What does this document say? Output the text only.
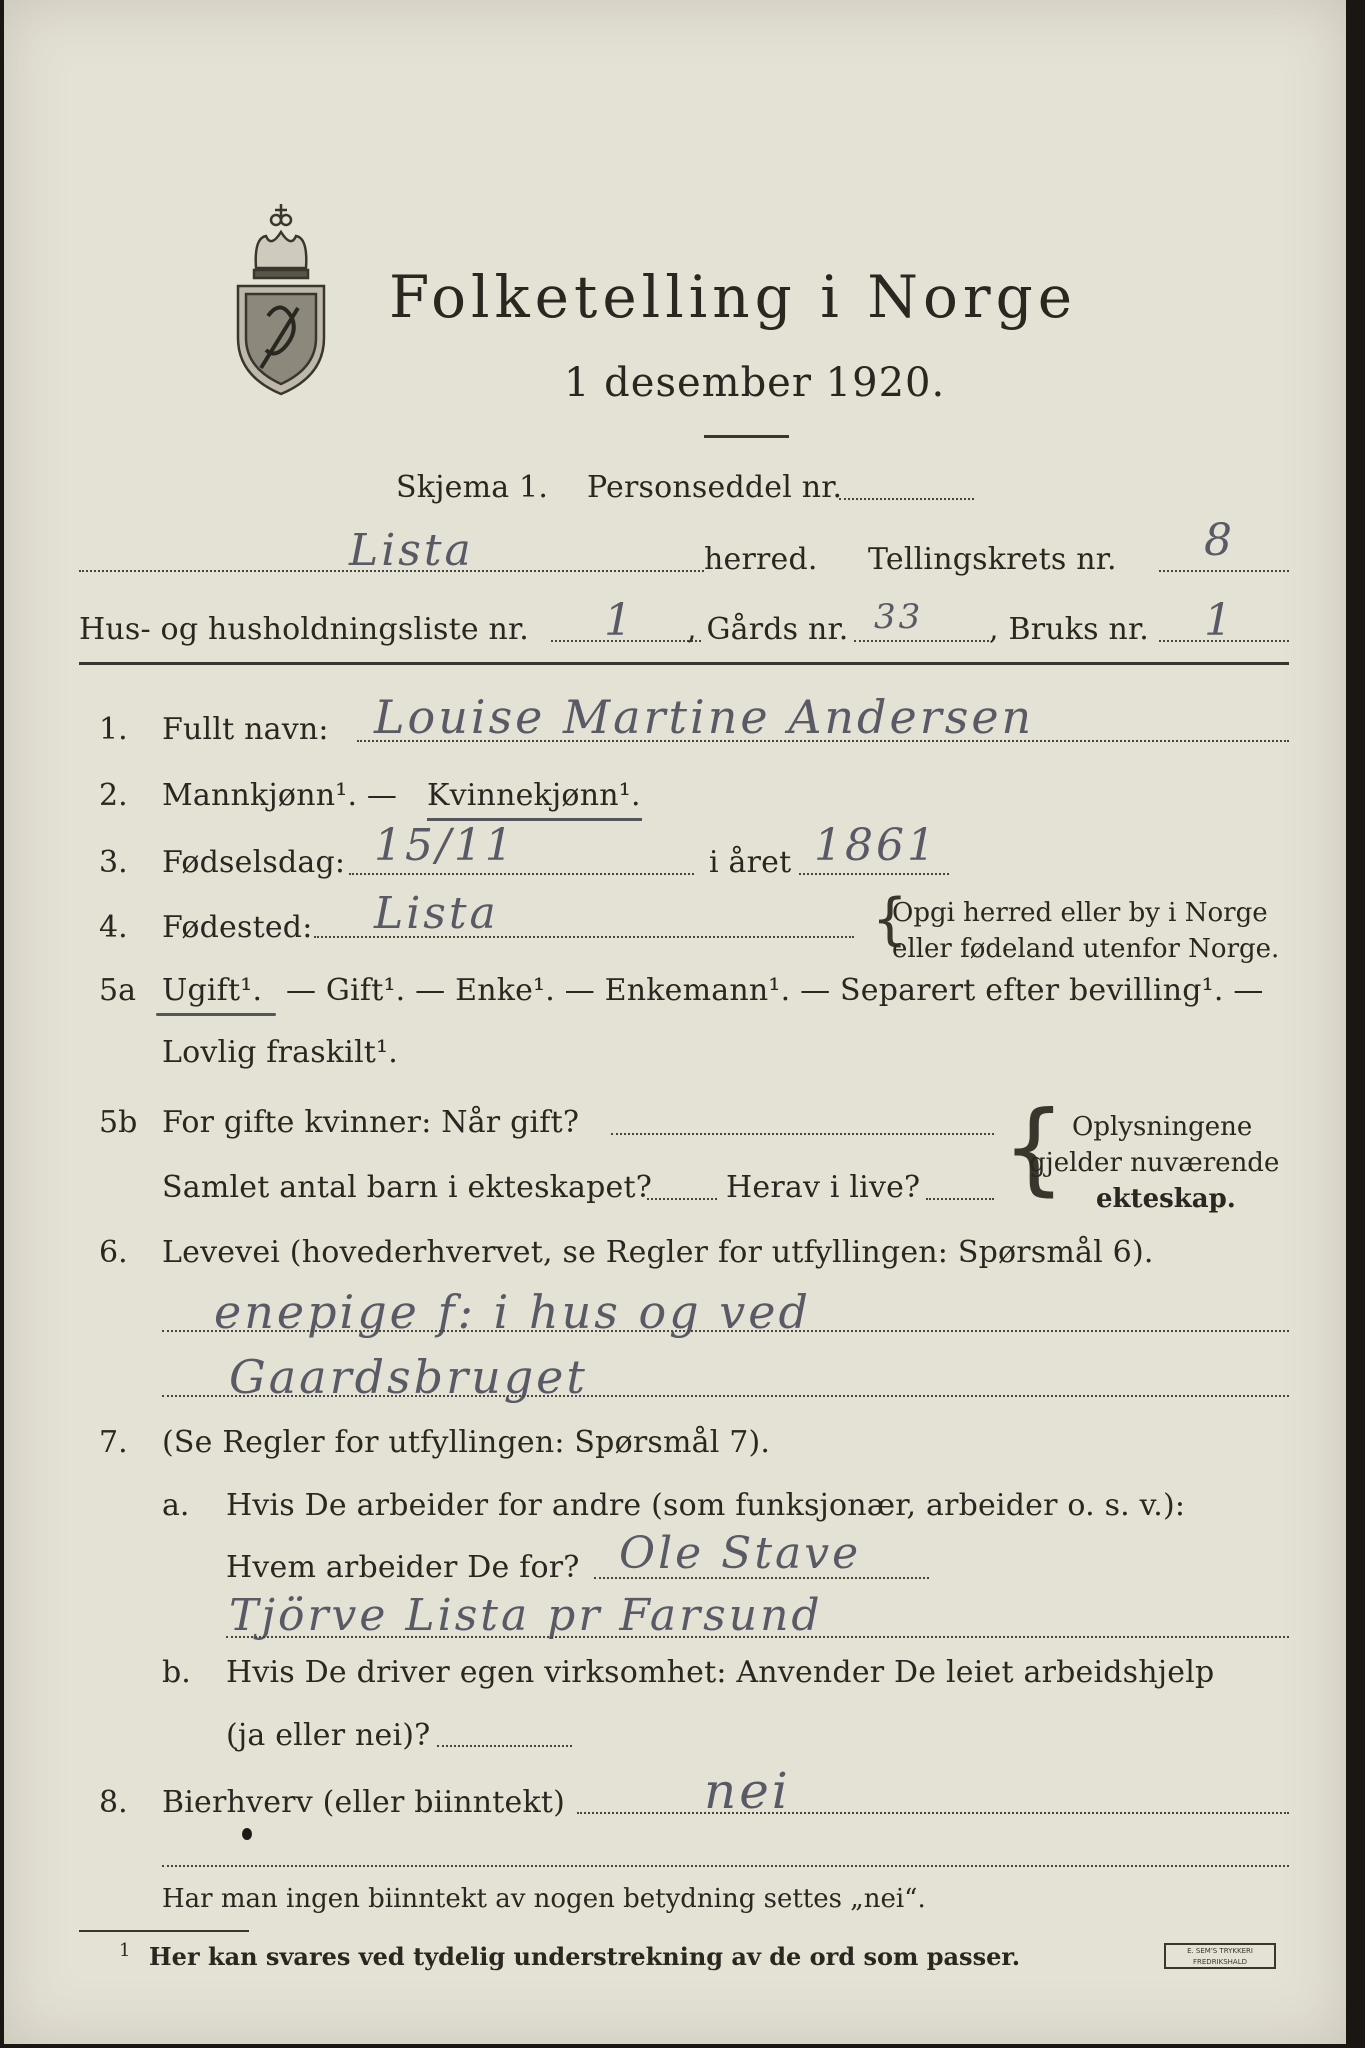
Folketelling i Norge
1 desember 1920.
Skjema 1. Personseddel nr.
Lista	herred. Tellingskrets nr. 8
Hus- og husholdningsliste nr. 1 , Gårds nr. 33 , Bruks nr. 1
1. Fullt navn: Louise Martine Andersen
2. Mannkjønn¹. — Kvinnekjønn¹.
3. Fødselsdag: 15/11	i året 1861
4. Fødested: Lista	{
Opgi herred eller by i Norge
eller fødeland utenfor Norge.
5a Ugift¹. — Gift¹. — Enke¹. — Enkemann¹. — Separert efter bevilling¹. —
Lovlig fraskilt¹.
5b For gifte kvinner: Når gift?
Samlet antal barn i ekteskapet? Herav i live? { Oplysningene
gjelder nuværende
ekteskap.
6. Levevei (hovederhvervet, se Regler for utfyllingen: Spørsmål 6).
enepige f: i hus og ved
Gaardsbruget
7. (Se Regler for utfyllingen: Spørsmål 7).
a. Hvis De arbeider for andre (som funksjonær, arbeider o. s. v.):
Hvem arbeider De for? Ole Stave
Tjörve Lista pr Farsund
b. Hvis De driver egen virksomhet: Anvender De leiet arbeidshjelp
(ja eller nei)?
8. Bierhverv (eller biinntekt)	nei
Har man ingen biinntekt av nogen betydning settes „nei“.
1 Her kan svares ved tydelig understrekning av de ord som passer.	E. SEM'S TRYKKERI
FREDRIKSHALD
